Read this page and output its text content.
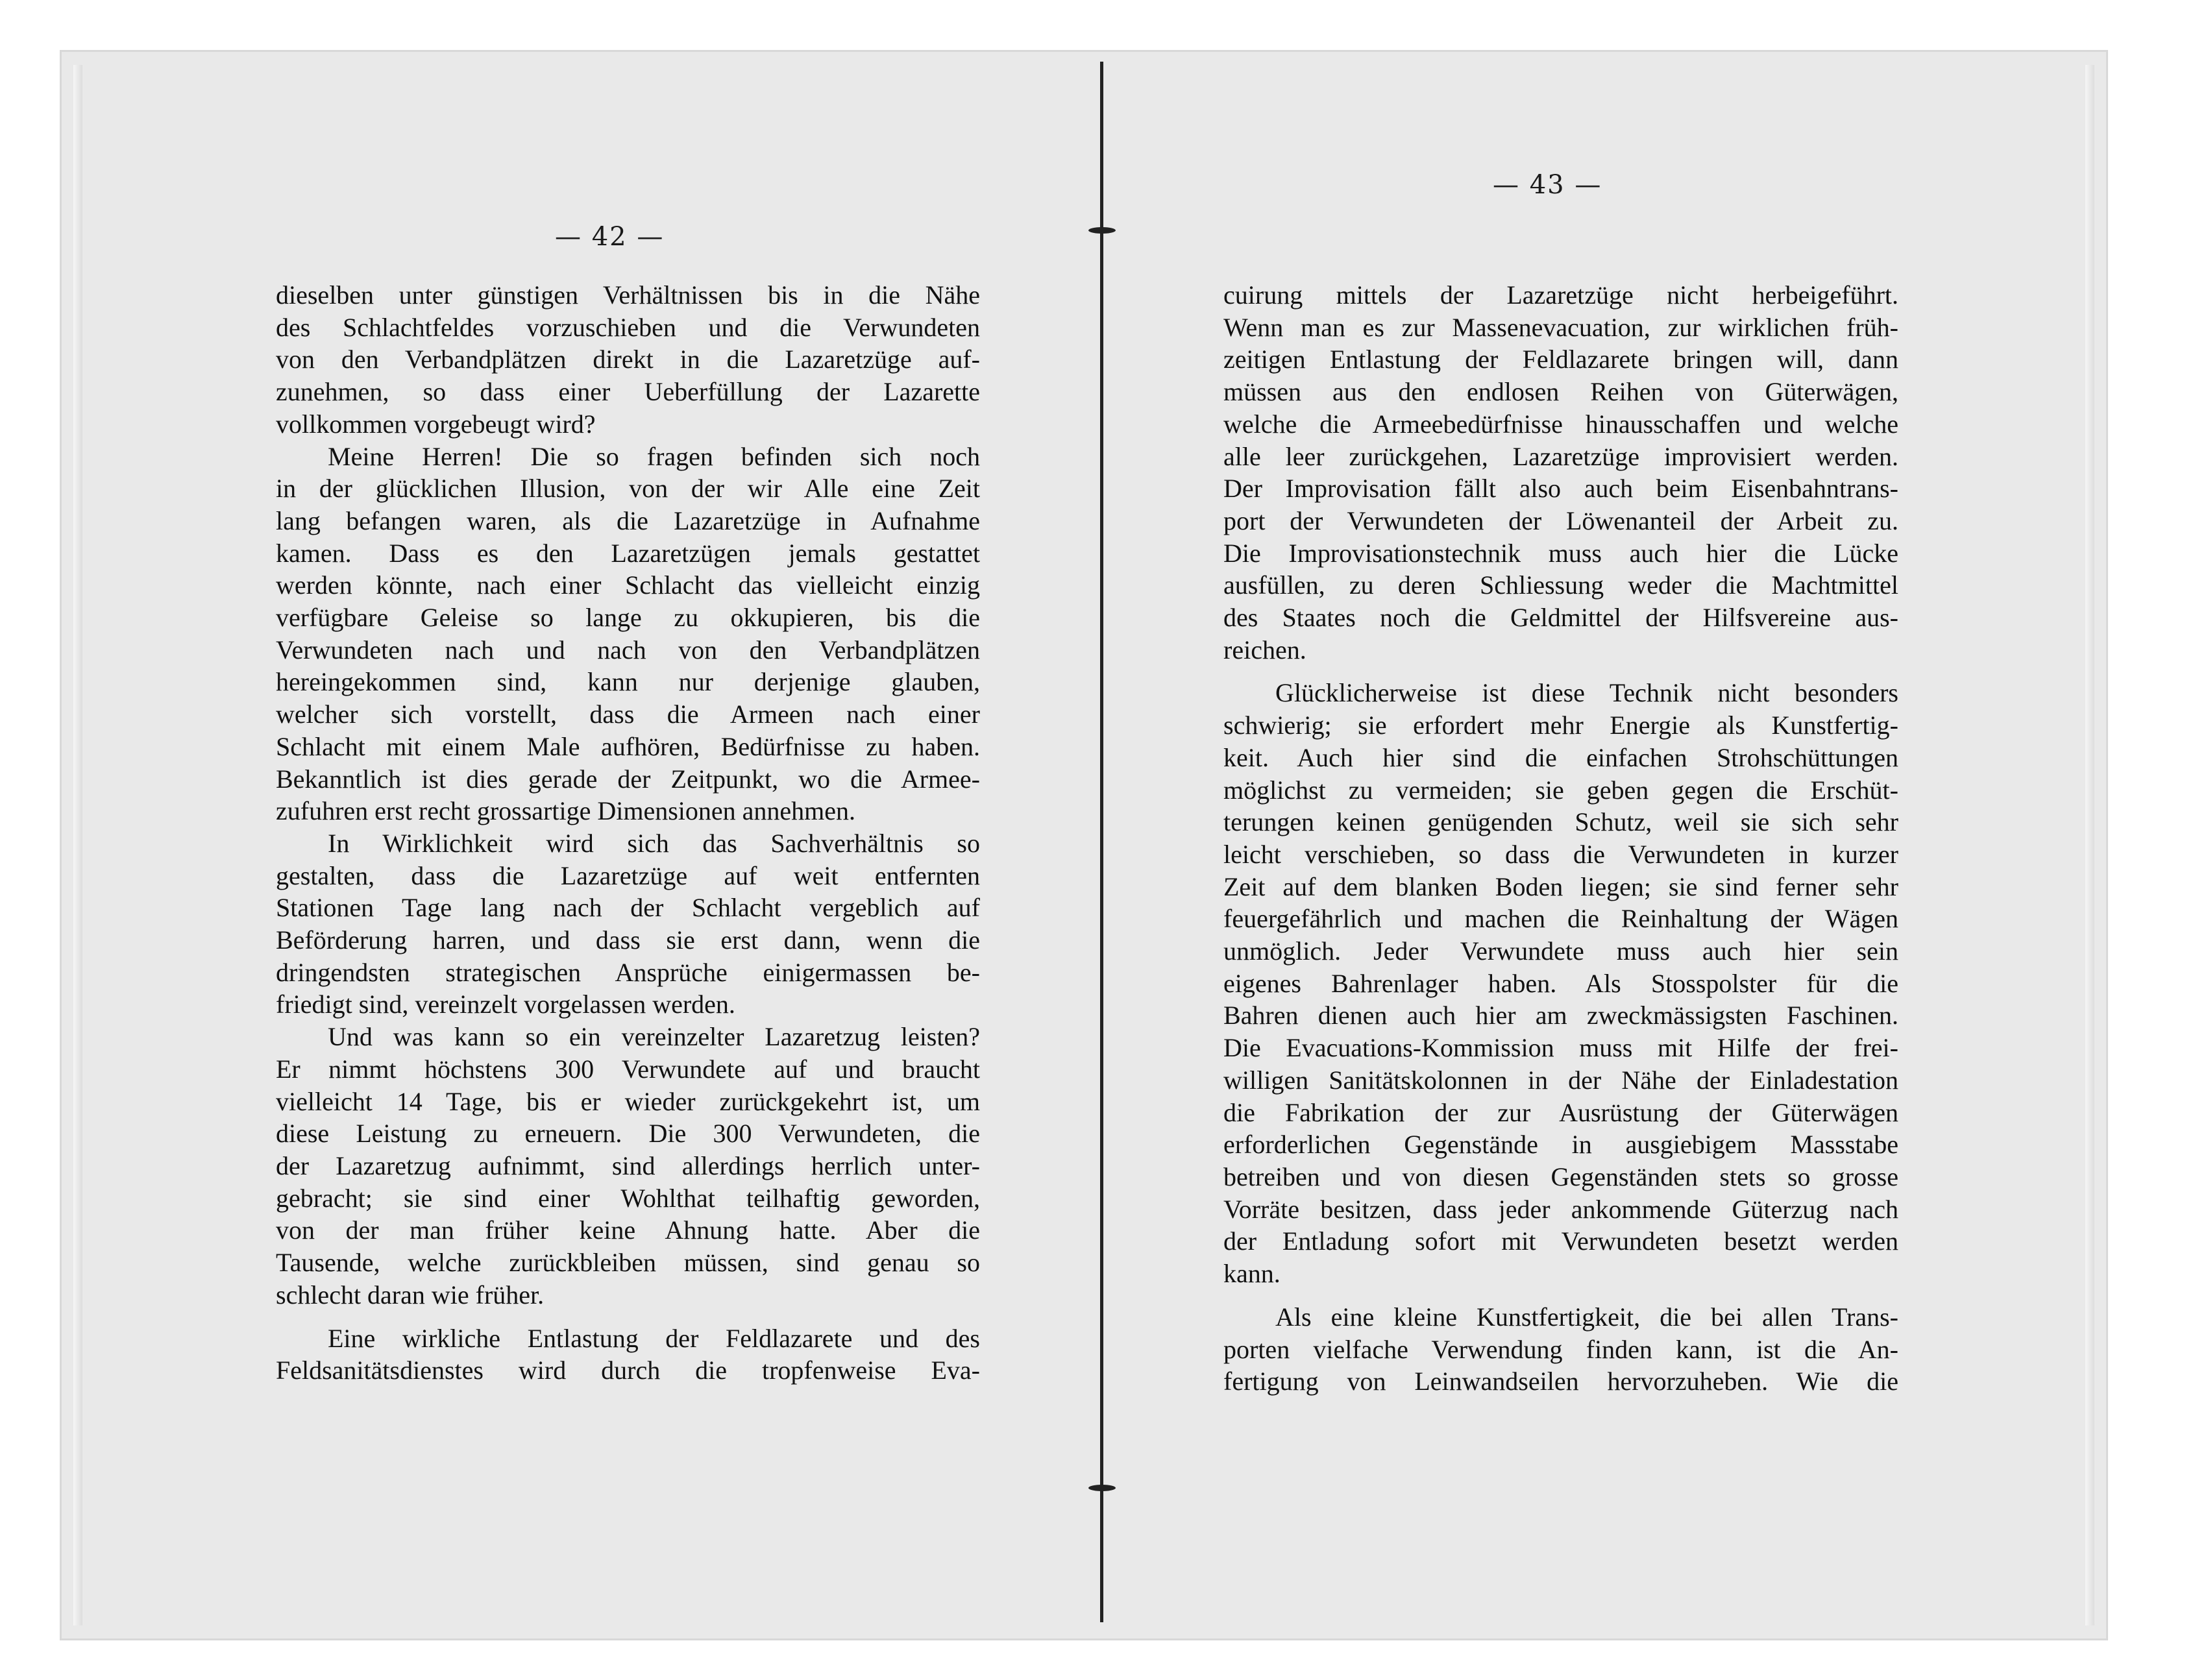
— 42 —
dieselben unter günstigen Verhältnissen bis in die Nähe
des Schlachtfeldes vorzuschieben und die Verwundeten
von den Verbandplätzen direkt in die Lazaretzüge auf-
zunehmen, so dass einer Ueberfüllung der Lazarette
vollkommen vorgebeugt wird?
Meine Herren! Die so fragen befinden sich noch
in der glücklichen Illusion, von der wir Alle eine Zeit
lang befangen waren, als die Lazaretzüge in Aufnahme
kamen. Dass es den Lazaretzügen jemals gestattet
werden könnte, nach einer Schlacht das vielleicht einzig
verfügbare Geleise so lange zu okkupieren, bis die
Verwundeten nach und nach von den Verbandplätzen
hereingekommen sind, kann nur derjenige glauben,
welcher sich vorstellt, dass die Armeen nach einer
Schlacht mit einem Male aufhören, Bedürfnisse zu haben.
Bekanntlich ist dies gerade der Zeitpunkt, wo die Armee-
zufuhren erst recht grossartige Dimensionen annehmen.
In Wirklichkeit wird sich das Sachverhältnis so
gestalten, dass die Lazaretzüge auf weit entfernten
Stationen Tage lang nach der Schlacht vergeblich auf
Beförderung harren, und dass sie erst dann, wenn die
dringendsten strategischen Ansprüche einigermassen be-
friedigt sind, vereinzelt vorgelassen werden.
Und was kann so ein vereinzelter Lazaretzug leisten?
Er nimmt höchstens 300 Verwundete auf und braucht
vielleicht 14 Tage, bis er wieder zurückgekehrt ist, um
diese Leistung zu erneuern. Die 300 Verwundeten, die
der Lazaretzug aufnimmt, sind allerdings herrlich unter-
gebracht; sie sind einer Wohlthat teilhaftig geworden,
von der man früher keine Ahnung hatte. Aber die
Tausende, welche zurückbleiben müssen, sind genau so
schlecht daran wie früher.
Eine wirkliche Entlastung der Feldlazarete und des
Feldsanitätsdienstes wird durch die tropfenweise Eva-
— 43 —
cuirung mittels der Lazaretzüge nicht herbeigeführt.
Wenn man es zur Massenevacuation, zur wirklichen früh-
zeitigen Entlastung der Feldlazarete bringen will, dann
müssen aus den endlosen Reihen von Güterwägen,
welche die Armeebedürfnisse hinausschaffen und welche
alle leer zurückgehen, Lazaretzüge improvisiert werden.
Der Improvisation fällt also auch beim Eisenbahntrans-
port der Verwundeten der Löwenanteil der Arbeit zu.
Die Improvisationstechnik muss auch hier die Lücke
ausfüllen, zu deren Schliessung weder die Machtmittel
des Staates noch die Geldmittel der Hilfsvereine aus-
reichen.
Glücklicherweise ist diese Technik nicht besonders
schwierig; sie erfordert mehr Energie als Kunstfertig-
keit. Auch hier sind die einfachen Strohschüttungen
möglichst zu vermeiden; sie geben gegen die Erschüt-
terungen keinen genügenden Schutz, weil sie sich sehr
leicht verschieben, so dass die Verwundeten in kurzer
Zeit auf dem blanken Boden liegen; sie sind ferner sehr
feuergefährlich und machen die Reinhaltung der Wägen
unmöglich. Jeder Verwundete muss auch hier sein
eigenes Bahrenlager haben. Als Stosspolster für die
Bahren dienen auch hier am zweckmässigsten Faschinen.
Die Evacuations-Kommission muss mit Hilfe der frei-
willigen Sanitätskolonnen in der Nähe der Einladestation
die Fabrikation der zur Ausrüstung der Güterwägen
erforderlichen Gegenstände in ausgiebigem Massstabe
betreiben und von diesen Gegenständen stets so grosse
Vorräte besitzen, dass jeder ankommende Güterzug nach
der Entladung sofort mit Verwundeten besetzt werden
kann.
Als eine kleine Kunstfertigkeit, die bei allen Trans-
porten vielfache Verwendung finden kann, ist die An-
fertigung von Leinwandseilen hervorzuheben. Wie die
